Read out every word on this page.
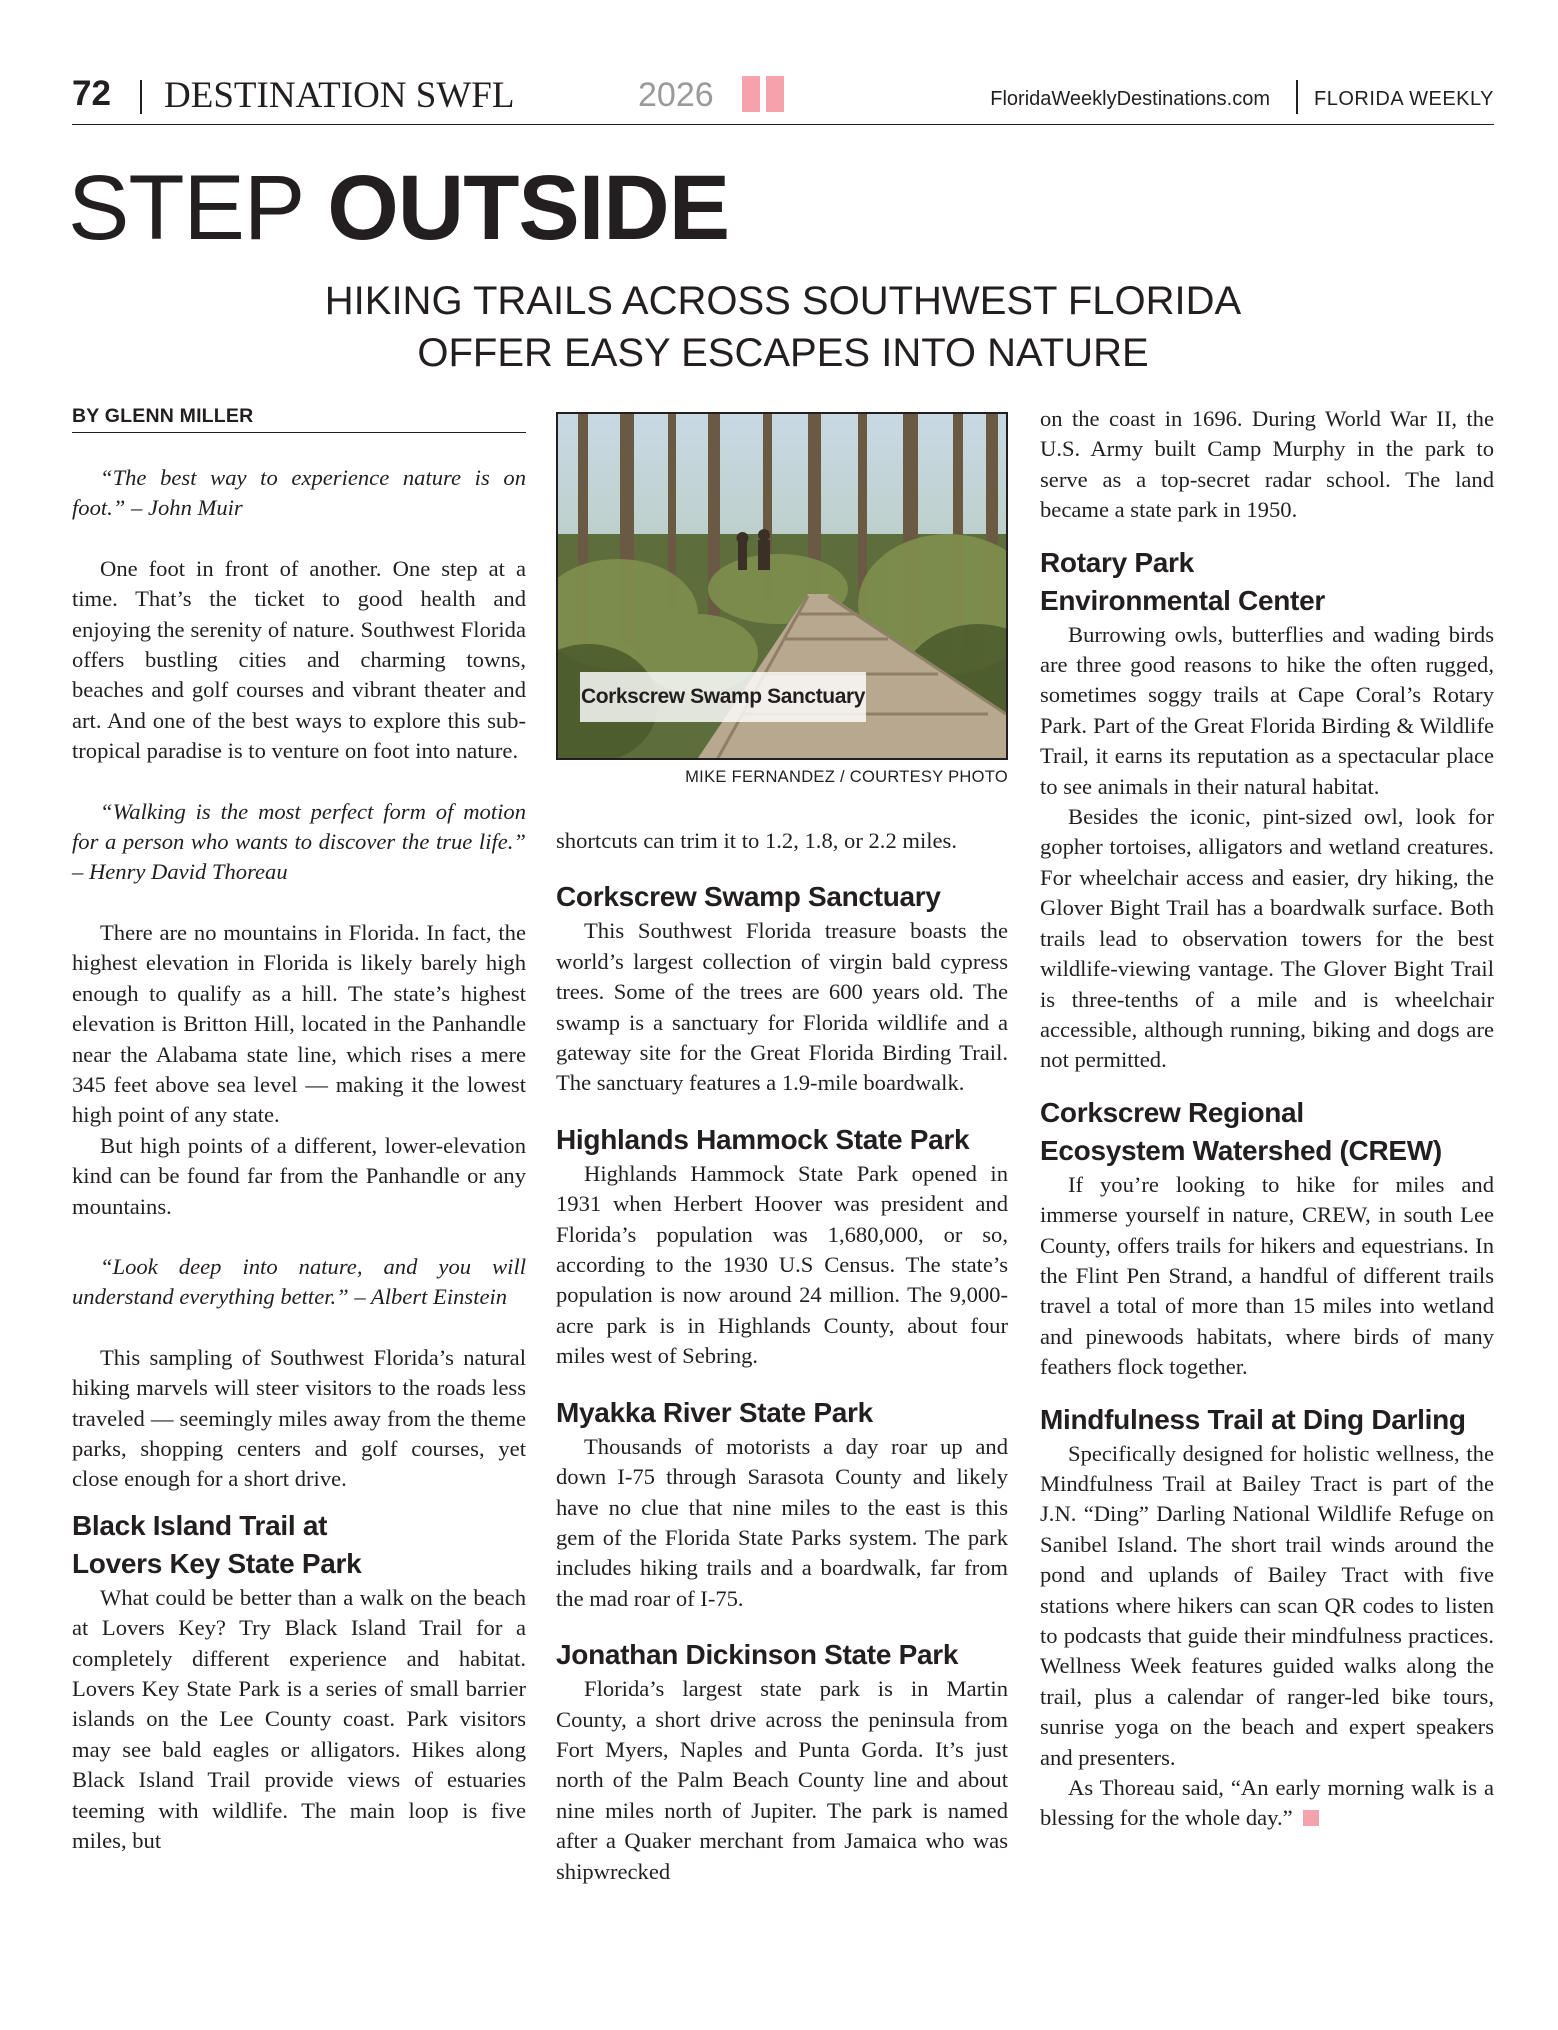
72 DESTINATION SWFL	2026	FloridaWeeklyDestinations.com FLORIDA WEEKLY
STEP OUTSIDE
HIKING TRAILS ACROSS SOUTHWEST FLORIDA
OFFER EASY ESCAPES INTO NATURE
BY GLENN MILLER

“The best way to experience nature is on foot.” – John Muir

One foot in front of another. One step at a time. That’s the ticket to good health and enjoying the serenity of nature. Southwest Florida offers bustling cities and charming towns, beaches and golf courses and vibrant theater and art. And one of the best ways to explore this sub-tropical paradise is to venture on foot into nature.

“Walking is the most perfect form of motion for a person who wants to discover the true life.” – Henry David Thoreau

There are no mountains in Florida. In fact, the highest elevation in Florida is likely barely high enough to qualify as a hill. The state’s highest elevation is Britton Hill, located in the Panhandle near the Alabama state line, which rises a mere 345 feet above sea level — making it the lowest high point of any state.

But high points of a different, lower-elevation kind can be found far from the Panhandle or any mountains.

“Look deep into nature, and you will understand everything better.” – Albert Einstein

This sampling of Southwest Florida’s natural hiking marvels will steer visitors to the roads less traveled — seemingly miles away from the theme parks, shopping centers and golf courses, yet close enough for a short drive.

Black Island Trail at
Lovers Key State Park

What could be better than a walk on the beach at Lovers Key? Try Black Island Trail for a completely different experience and habitat. Lovers Key State Park is a series of small barrier islands on the Lee County coast. Park visitors may see bald eagles or alligators. Hikes along Black Island Trail provide views of estuaries teeming with wildlife. The main loop is five miles, but

Corkscrew Swamp Sanctuary
MIKE FERNANDEZ / COURTESY PHOTO

shortcuts can trim it to 1.2, 1.8, or 2.2 miles.

Corkscrew Swamp Sanctuary

This Southwest Florida treasure boasts the world’s largest collection of virgin bald cypress trees. Some of the trees are 600 years old. The swamp is a sanctuary for Florida wildlife and a gateway site for the Great Florida Birding Trail. The sanctuary features a 1.9-mile boardwalk.

Highlands Hammock State Park

Highlands Hammock State Park opened in 1931 when Herbert Hoover was president and Florida’s population was 1,680,000, or so, according to the 1930 U.S Census. The state’s population is now around 24 million. The 9,000-acre park is in Highlands County, about four miles west of Sebring.

Myakka River State Park

Thousands of motorists a day roar up and down I-75 through Sarasota County and likely have no clue that nine miles to the east is this gem of the Florida State Parks system. The park includes hiking trails and a boardwalk, far from the mad roar of I-75.

Jonathan Dickinson State Park

Florida’s largest state park is in Martin County, a short drive across the peninsula from Fort Myers, Naples and Punta Gorda. It’s just north of the Palm Beach County line and about nine miles north of Jupiter. The park is named after a Quaker merchant from Jamaica who was shipwrecked

on the coast in 1696. During World War II, the U.S. Army built Camp Murphy in the park to serve as a top-secret radar school. The land became a state park in 1950.

Rotary Park
Environmental Center

Burrowing owls, butterflies and wading birds are three good reasons to hike the often rugged, sometimes soggy trails at Cape Coral’s Rotary Park. Part of the Great Florida Birding & Wildlife Trail, it earns its reputation as a spectacular place to see animals in their natural habitat.

Besides the iconic, pint-sized owl, look for gopher tortoises, alligators and wetland creatures. For wheelchair access and easier, dry hiking, the Glover Bight Trail has a boardwalk surface. Both trails lead to observation towers for the best wildlife-viewing vantage. The Glover Bight Trail is three-tenths of a mile and is wheelchair accessible, although running, biking and dogs are not permitted.

Corkscrew Regional
Ecosystem Watershed (CREW)

If you’re looking to hike for miles and immerse yourself in nature, CREW, in south Lee County, offers trails for hikers and equestrians. In the Flint Pen Strand, a handful of different trails travel a total of more than 15 miles into wetland and pinewoods habitats, where birds of many feathers flock together.

Mindfulness Trail at Ding Darling

Specifically designed for holistic wellness, the Mindfulness Trail at Bailey Tract is part of the J.N. “Ding” Darling National Wildlife Refuge on Sanibel Island. The short trail winds around the pond and uplands of Bailey Tract with five stations where hikers can scan QR codes to listen to podcasts that guide their mindfulness practices. Wellness Week features guided walks along the trail, plus a calendar of ranger-led bike tours, sunrise yoga on the beach and expert speakers and presenters.

As Thoreau said, “An early morning walk is a blessing for the whole day.”
